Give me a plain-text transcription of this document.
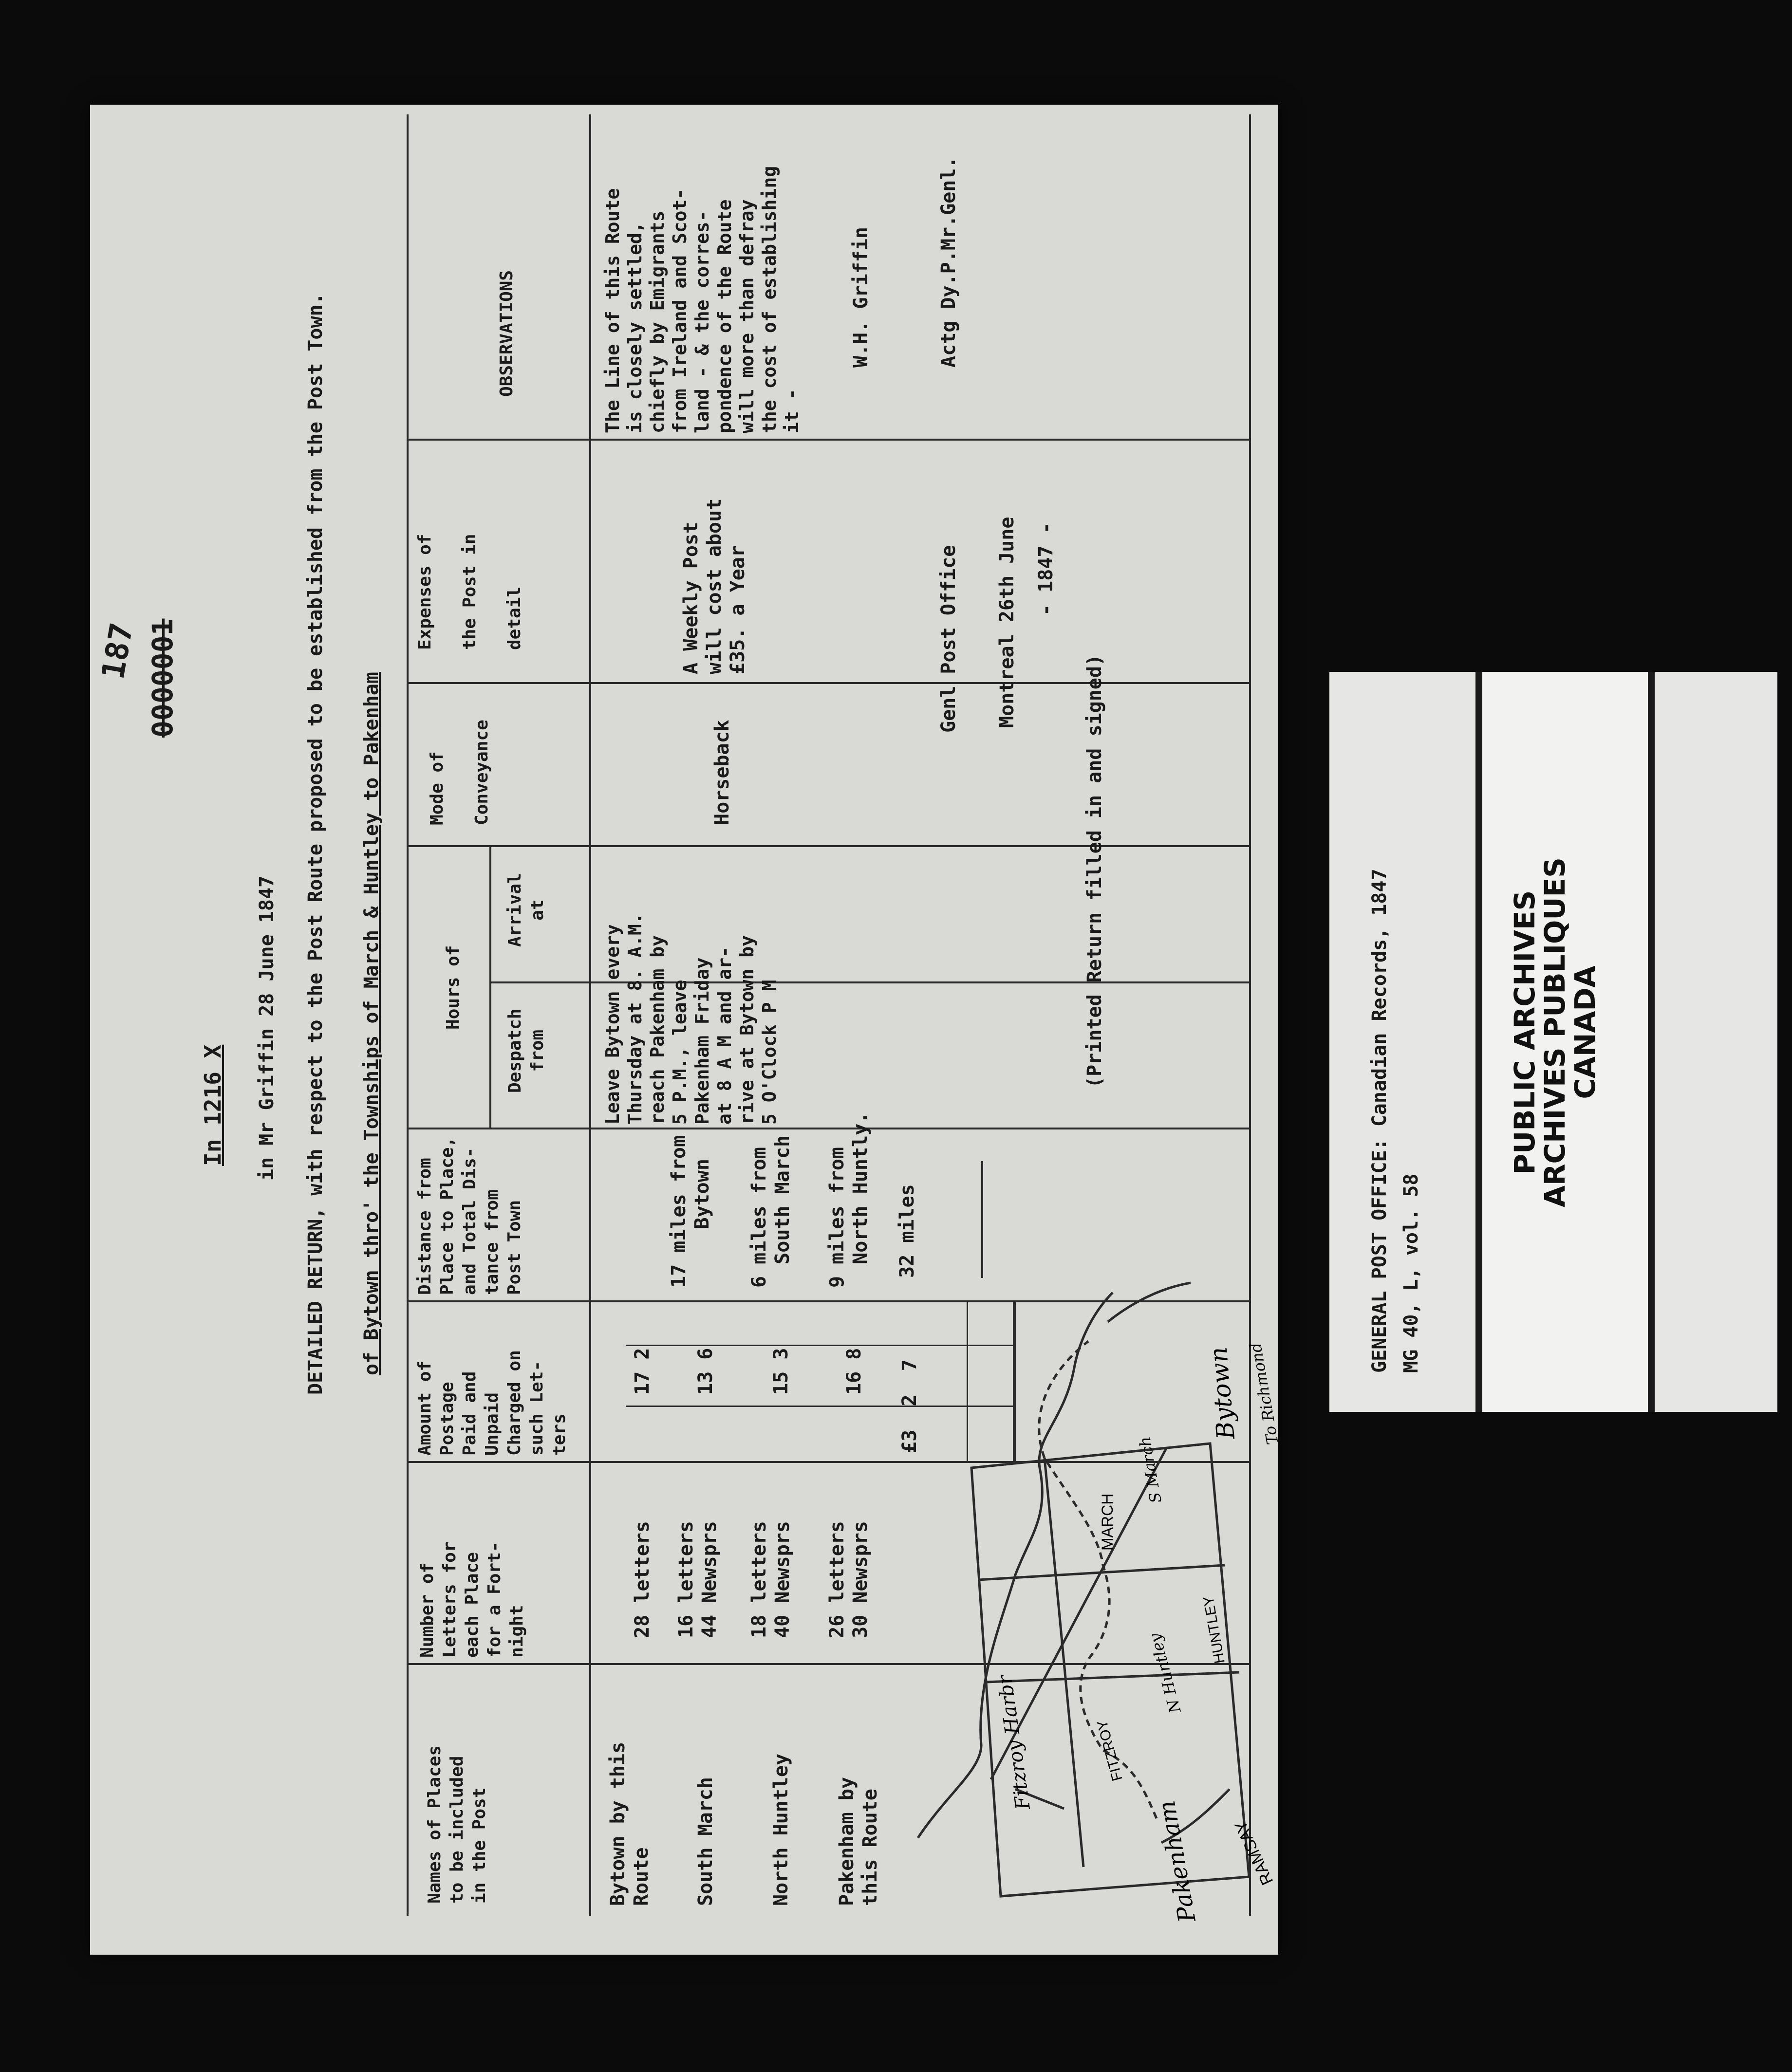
187 0000001
In 1216 X in Mr Griffin 28 June 1847 DETAILED RETURN, with respect to the Post Route proposed to be established from the Post Town. of Bytown thro' the Townships of March & Huntley to Pakenham
Names of Places
to be included
in the Post
Number of
Letters for
each Place
for a Fort-
night
Amount of
Postage
Paid and
Unpaid
Charged on
such Let-
ters
Distance from
Place to Place,
and Total Dis-
tance from
Post Town
Hours of
Despatch
from
Arrival
at
Mode of

Conveyance
Expenses of

the Post in

detail
OBSERVATIONS
Bytown by this
Route
28 letters
17 2
South March
16 letters
44 Newsprs
13 6
17 miles from
Bytown
North Huntley
18 letters
40 Newsprs
15 3
6 miles from
South March
Pakenham by
this Route
26 letters
30 Newsprs
16 8
9 miles from
North Huntly.
£3  2  7
32 miles
Leave Bytown every
Thursday at 8. A.M.
reach Pakenham by
5 P.M., leave
Pakenham Friday
at 8 A M and ar-
rive at Bytown by
5 O'Clock P M
Horseback
A Weekly Post
will cost about
£35. a Year
The Line of this Route
is closely settled,
chiefly by Emigrants
from Ireland and Scot-
land - & the corres-
pondence of the Route
will more than defray
the cost of establishing
it -
W.H. Griffin	Actg Dy.P.Mr.Genl.
Genl Post Office Montreal 26th June - 1847 -
(Printed Return filled in and signed)
Pakenham RAMSAY
FITZROY
Fitzroy Harbr
HUNTLEY
N Huntley
MARCH
S March
Bytown To Richmond
GENERAL POST OFFICE: Canadian Records, 1847 MG 40, L, vol. 58
PUBLIC ARCHIVES
ARCHIVES PUBLIQUES
CANADA
